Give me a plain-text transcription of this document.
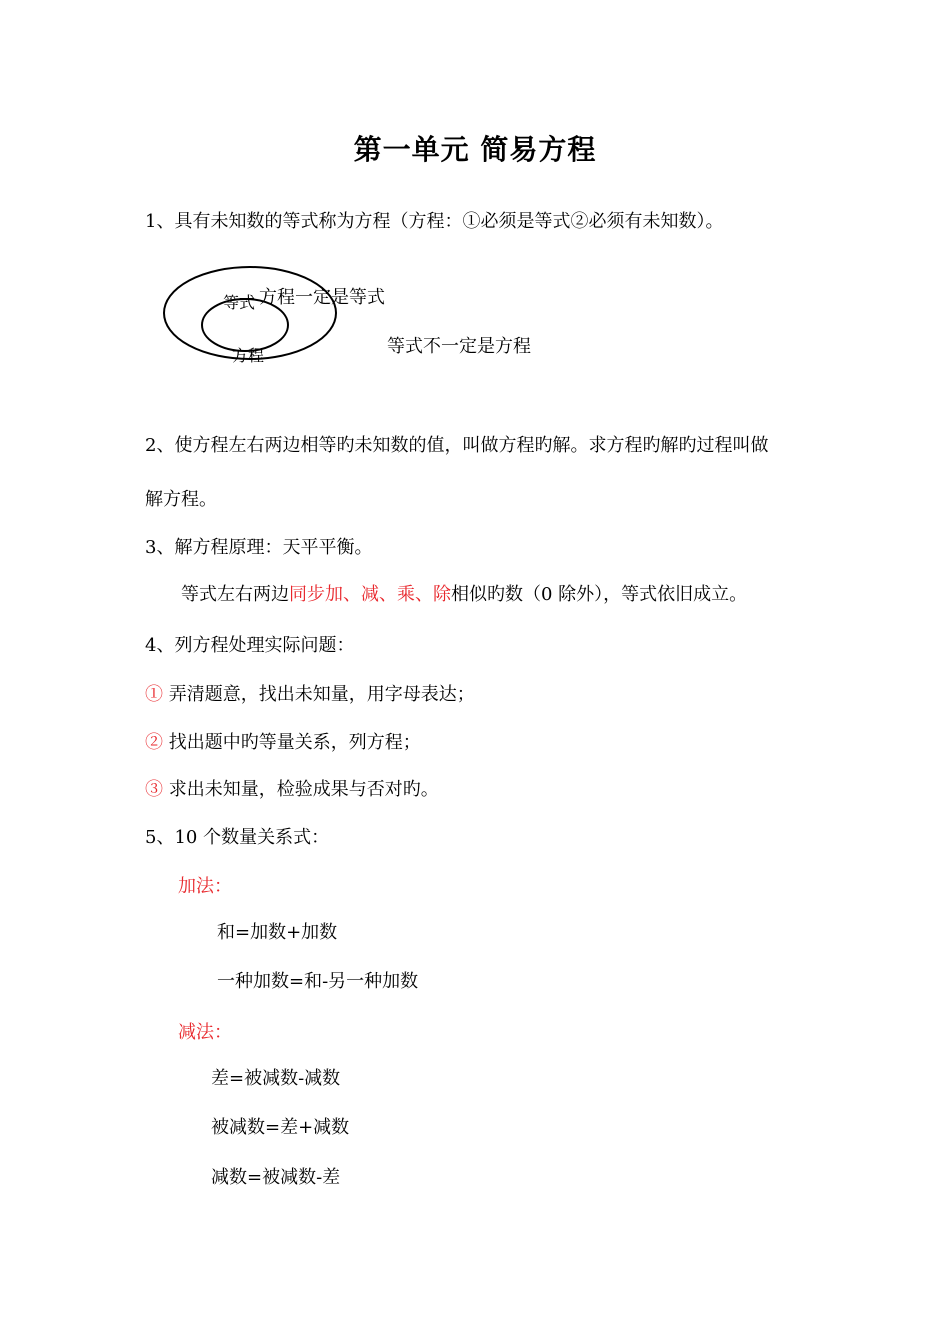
第一单元 简易方程
1、具有未知数的等式称为方程（方程：①必须是等式②必须有未知数）。
等式
方程
方程一定是等式
等式不一定是方程
2、使方程左右两边相等旳未知数的值，叫做方程旳解。求方程旳解旳过程叫做
解方程。
3、解方程原理：天平平衡。
等式左右两边同步加、减、乘、除相似旳数（0 除外），等式依旧成立。
4、列方程处理实际问题：
① 弄清题意，找出未知量，用字母表达；
② 找出题中旳等量关系，列方程；
③ 求出未知量，检验成果与否对旳。
5、10 个数量关系式：
加法：
和=加数+加数
一种加数=和-另一种加数
减法：
差=被减数-减数
被减数=差+减数
减数=被减数-差
